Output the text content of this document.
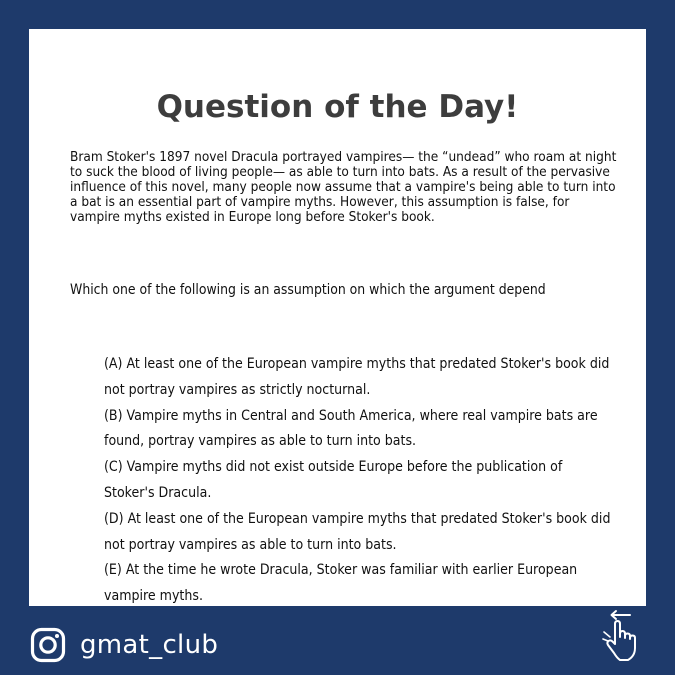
Question of the Day!

Bram Stoker's 1897 novel Dracula portrayed vampires— the “undead” who roam at night to suck the blood of living people— as able to turn into bats. As a result of the pervasive influence of this novel, many people now assume that a vampire's being able to turn into a bat is an essential part of vampire myths. However, this assumption is false, for vampire myths existed in Europe long before Stoker's book.

Which one of the following is an assumption on which the argument depend

(A) At least one of the European vampire myths that predated Stoker's book did not portray vampires as strictly nocturnal.
(B) Vampire myths in Central and South America, where real vampire bats are found, portray vampires as able to turn into bats.
(C) Vampire myths did not exist outside Europe before the publication of Stoker's Dracula.
(D) At least one of the European vampire myths that predated Stoker's book did not portray vampires as able to turn into bats.
(E) At the time he wrote Dracula, Stoker was familiar with earlier European vampire myths.
gmat_club
